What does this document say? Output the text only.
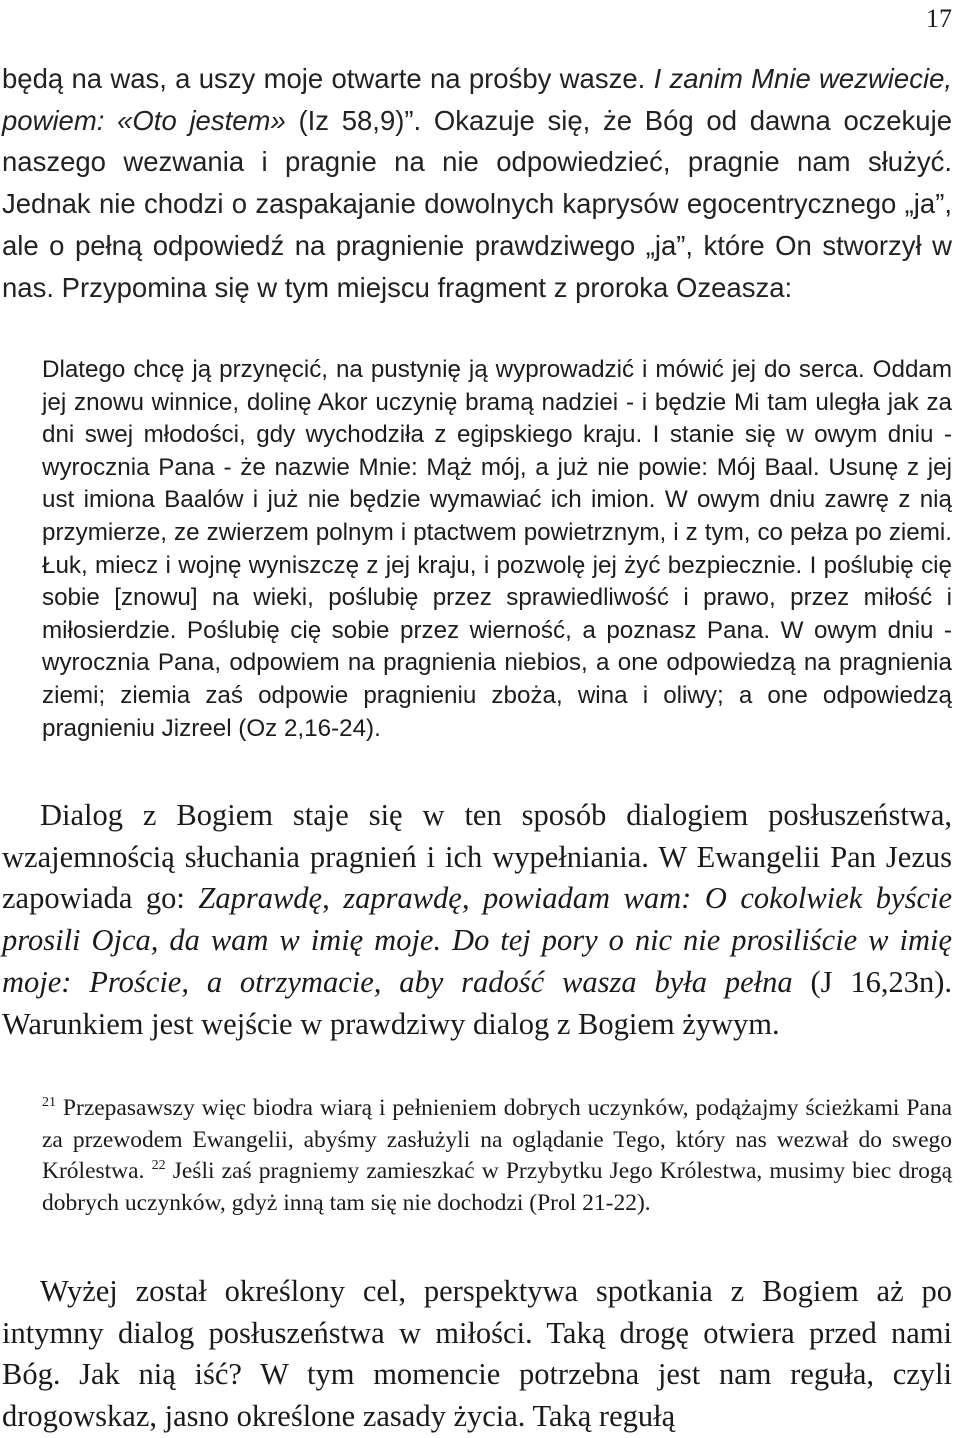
17

będą na was, a uszy moje otwarte na prośby wasze. I zanim Mnie wezwiecie, powiem: «Oto jestem» (Iz 58,9)”. Okazuje się, że Bóg od dawna oczekuje naszego wezwania i pragnie na nie odpowiedzieć, pragnie nam służyć. Jednak nie chodzi o zaspakajanie dowolnych kaprysów egocentrycznego „ja”, ale o pełną odpowiedź na pragnienie prawdziwego „ja”, które On stworzył w nas. Przypomina się w tym miejscu fragment z proroka Ozeasza:

Dlatego chcę ją przynęcić, na pustynię ją wyprowadzić i mówić jej do serca. Oddam jej znowu winnice, dolinę Akor uczynię bramą nadziei - i będzie Mi tam uległa jak za dni swej młodości, gdy wychodziła z egipskiego kraju. I stanie się w owym dniu - wyrocznia Pana - że nazwie Mnie: Mąż mój, a już nie powie: Mój Baal. Usunę z jej ust imiona Baalów i już nie będzie wymawiać ich imion. W owym dniu zawrę z nią przymierze, ze zwierzem polnym i ptactwem powietrznym, i z tym, co pełza po ziemi. Łuk, miecz i wojnę wyniszczę z jej kraju, i pozwolę jej żyć bezpiecznie. I poślubię cię sobie [znowu] na wieki, poślubię przez sprawiedliwość i prawo, przez miłość i miłosierdzie. Poślubię cię sobie przez wierność, a poznasz Pana. W owym dniu - wyrocznia Pana, odpowiem na pragnienia niebios, a one odpowiedzą na pragnienia ziemi; ziemia zaś odpowie pragnieniu zboża, wina i oliwy; a one odpowiedzą pragnieniu Jizreel (Oz 2,16-24).

Dialog z Bogiem staje się w ten sposób dialogiem posłuszeństwa, wzajemnością słuchania pragnień i ich wypełniania. W Ewangelii Pan Jezus zapowiada go: Zaprawdę, zaprawdę, powiadam wam: O cokolwiek byście prosili Ojca, da wam w imię moje. Do tej pory o nic nie prosiliście w imię moje: Proście, a otrzymacie, aby radość wasza była pełna (J 16,23n). Warunkiem jest wejście w prawdziwy dialog z Bogiem żywym.

$^{21}$ Przepasawszy więc biodra wiarą i pełnieniem dobrych uczynków, podążajmy ścieżkami Pana za przewodem Ewangelii, abyśmy zasłużyli na oglądanie Tego, który nas wezwał do swego Królestwa. $^{22}$ Jeśli zaś pragniemy zamieszkać w Przybytku Jego Królestwa, musimy biec drogą dobrych uczynków, gdyż inną tam się nie dochodzi (Prol 21-22).

Wyżej został określony cel, perspektywa spotkania z Bogiem aż po intymny dialog posłuszeństwa w miłości. Taką drogę otwiera przed nami Bóg. Jak nią iść? W tym momencie potrzebna jest nam reguła, czyli drogowskaz, jasno określone zasady życia. Taką regułą
